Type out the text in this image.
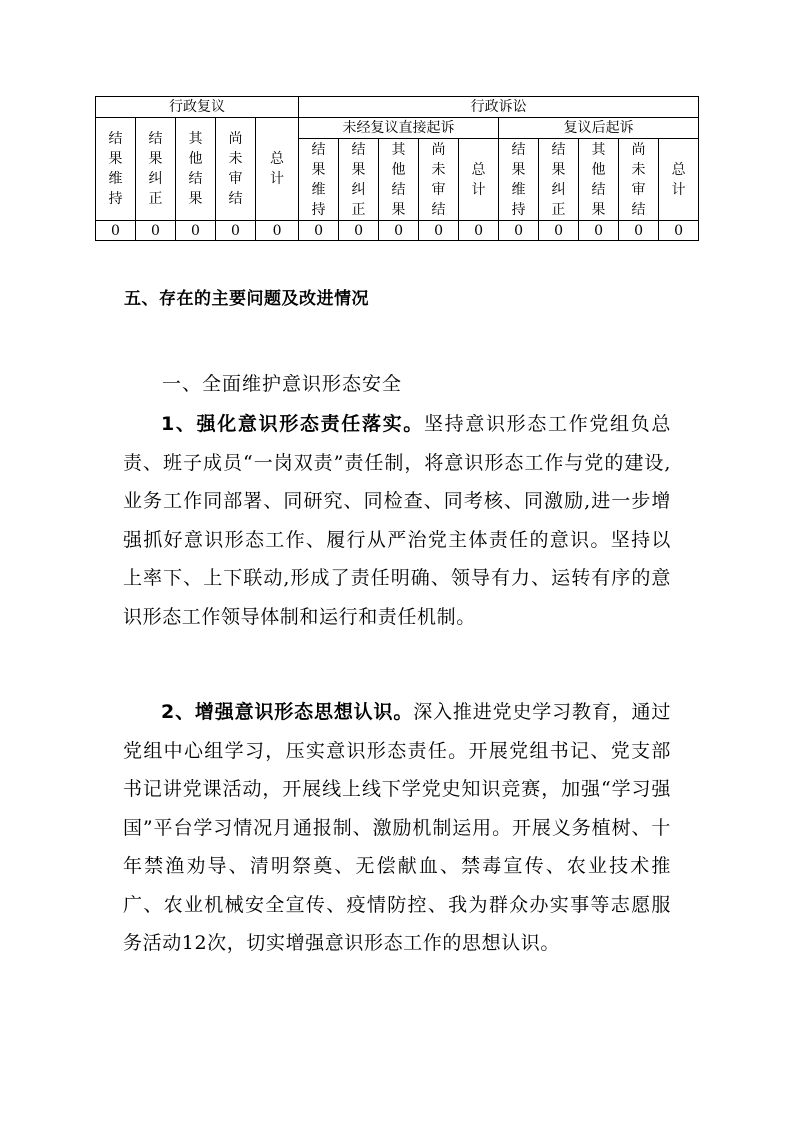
行政复议					行政诉讼									
结果维持	结果纠正	其他结果	尚未审结	总计	未经复议直接起诉					复议后起诉				
					结果维持	结果纠正	其他结果	尚未审结	总计	结果维持	结果纠正	其他结果	尚未审结	总计
0	0	0	0	0	0	0	0	0	0	0	0	0	0	0
五、存在的主要问题及改进情况
一、全面维护意识形态安全

1、强化意识形态责任落实。坚持意识形态工作党组负总责、班子成员“一岗双责”责任制，将意识形态工作与党的建设,业务工作同部署、同研究、同检查、同考核、同激励,进一步增强抓好意识形态工作、履行从严治党主体责任的意识。坚持以上率下、上下联动,形成了责任明确、领导有力、运转有序的意识形态工作领导体制和运行和责任机制。

2、增强意识形态思想认识。深入推进党史学习教育，通过党组中心组学习，压实意识形态责任。开展党组书记、党支部书记讲党课活动，开展线上线下学党史知识竞赛，加强“学习强国”平台学习情况月通报制、激励机制运用。开展义务植树、十年禁渔劝导、清明祭奠、无偿献血、禁毒宣传、农业技术推广、农业机械安全宣传、疫情防控、我为群众办实事等志愿服务活动12次，切实增强意识形态工作的思想认识。
